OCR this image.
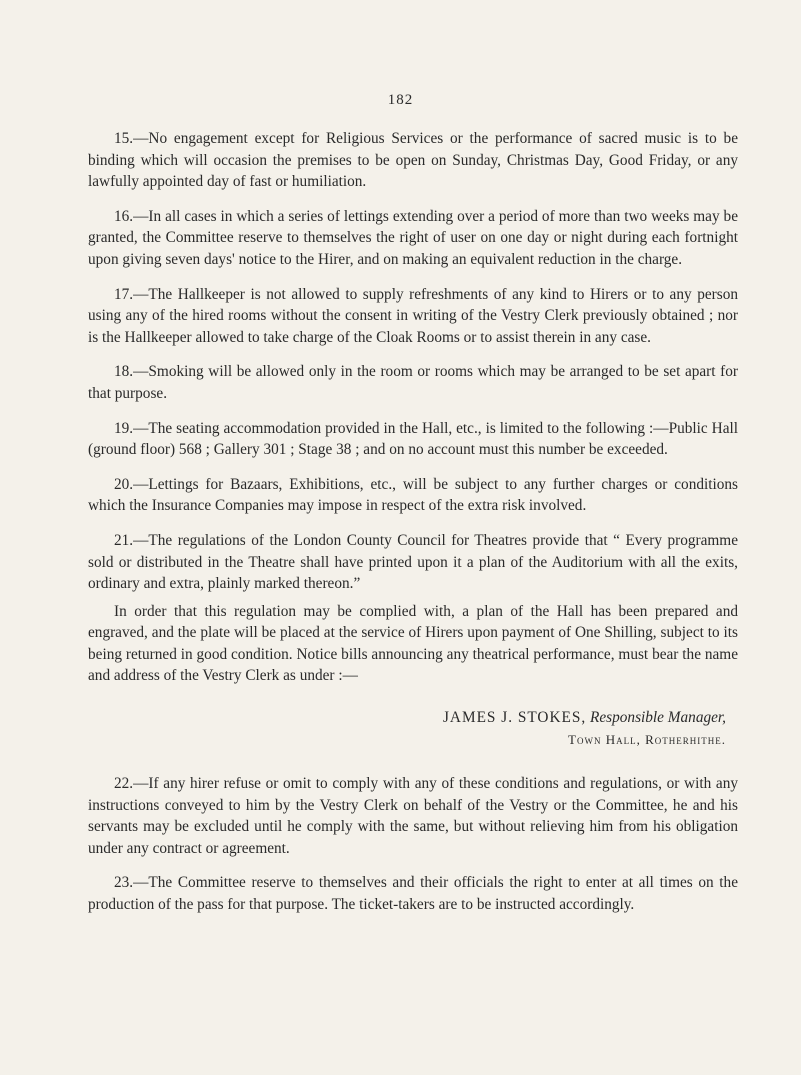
182

15.—No engagement except for Religious Services or the performance of sacred music is to be binding which will occasion the premises to be open on Sunday, Christmas Day, Good Friday, or any lawfully appointed day of fast or humiliation.

16.—In all cases in which a series of lettings extending over a period of more than two weeks may be granted, the Committee reserve to themselves the right of user on one day or night during each fortnight upon giving seven days' notice to the Hirer, and on making an equivalent reduction in the charge.

17.—The Hallkeeper is not allowed to supply refreshments of any kind to Hirers or to any person using any of the hired rooms without the consent in writing of the Vestry Clerk previously obtained ; nor is the Hallkeeper allowed to take charge of the Cloak Rooms or to assist therein in any case.

18.—Smoking will be allowed only in the room or rooms which may be arranged to be set apart for that purpose.

19.—The seating accommodation provided in the Hall, etc., is limited to the following :—Public Hall (ground floor) 568 ; Gallery 301 ; Stage 38 ; and on no account must this number be exceeded.

20.—Lettings for Bazaars, Exhibitions, etc., will be subject to any further charges or conditions which the Insurance Companies may impose in respect of the extra risk involved.

21.—The regulations of the London County Council for Theatres provide that “ Every programme sold or distributed in the Theatre shall have printed upon it a plan of the Auditorium with all the exits, ordinary and extra, plainly marked thereon.”

In order that this regulation may be complied with, a plan of the Hall has been prepared and engraved, and the plate will be placed at the service of Hirers upon payment of One Shilling, subject to its being returned in good condition. Notice bills announcing any theatrical performance, must bear the name and address of the Vestry Clerk as under :—

JAMES J. STOKES, Responsible Manager,
Town Hall, Rotherhithe.

22.—If any hirer refuse or omit to comply with any of these conditions and regulations, or with any instructions conveyed to him by the Vestry Clerk on behalf of the Vestry or the Committee, he and his servants may be excluded until he comply with the same, but without relieving him from his obligation under any contract or agreement.

23.—The Committee reserve to themselves and their officials the right to enter at all times on the production of the pass for that purpose. The ticket-takers are to be instructed accordingly.
